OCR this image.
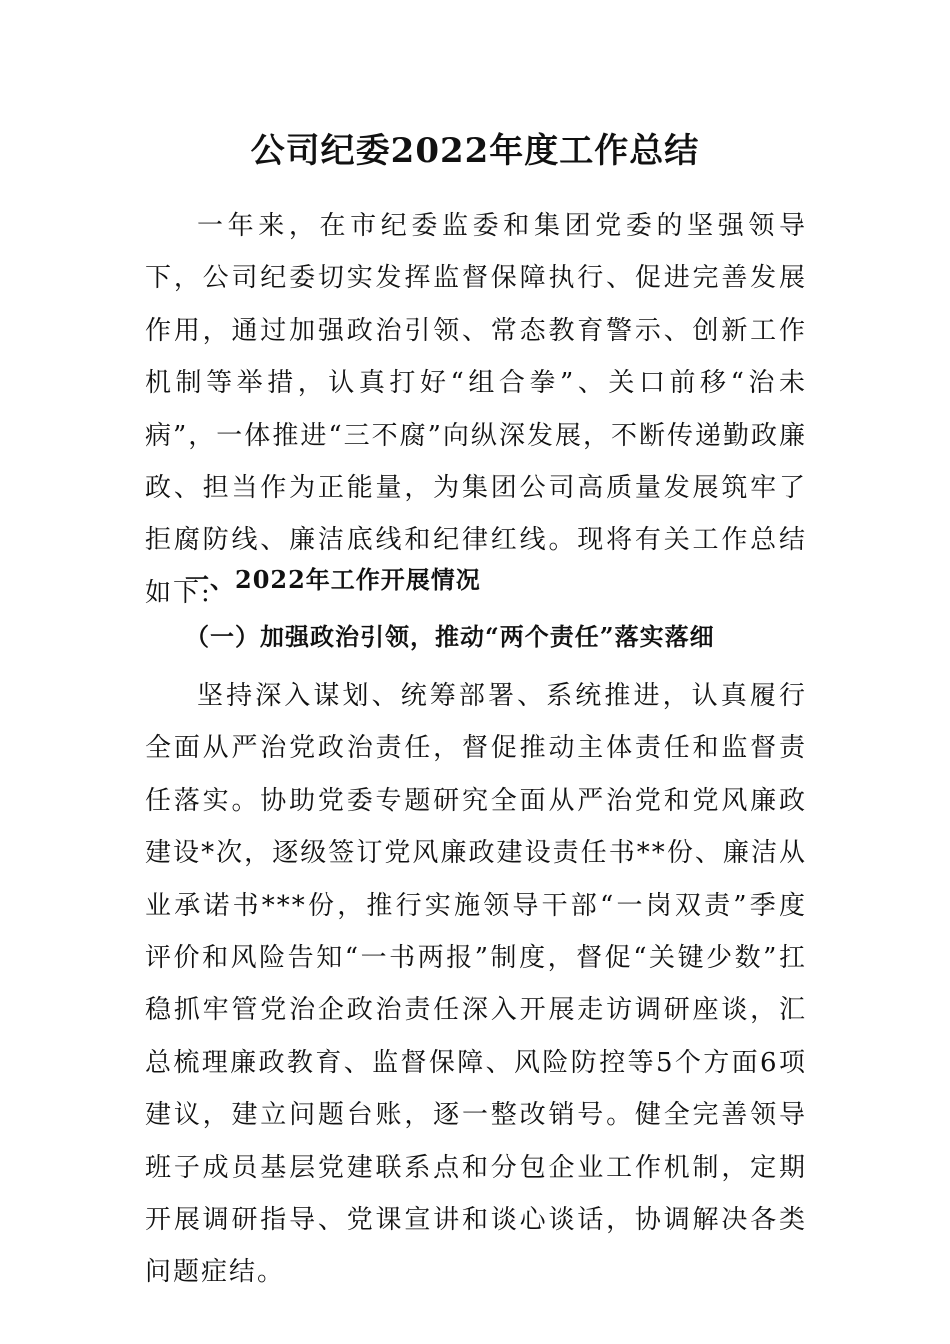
公司纪委2022年度工作总结

一年来，在市纪委监委和集团党委的坚强领导下，公司纪委切实发挥监督保障执行、促进完善发展作用，通过加强政治引领、常态教育警示、创新工作机制等举措，认真打好“组合拳”、关口前移“治未病”，一体推进“三不腐”向纵深发展，不断传递勤政廉政、担当作为正能量，为集团公司高质量发展筑牢了拒腐防线、廉洁底线和纪律红线。现将有关工作总结如下:

一、2022年工作开展情况
（一）加强政治引领，推动“两个责任”落实落细

坚持深入谋划、统筹部署、系统推进，认真履行全面从严治党政治责任，督促推动主体责任和监督责任落实。协助党委专题研究全面从严治党和党风廉政建设*次，逐级签订党风廉政建设责任书**份、廉洁从业承诺书***份，推行实施领导干部“一岗双责”季度评价和风险告知“一书两报”制度，督促“关键少数”扛稳抓牢管党治企政治责任深入开展走访调研座谈，汇总梳理廉政教育、监督保障、风险防控等5个方面6项建议，建立问题台账，逐一整改销号。健全完善领导班子成员基层党建联系点和分包企业工作机制，定期开展调研指导、党课宣讲和谈心谈话，协调解决各类问题症结。
